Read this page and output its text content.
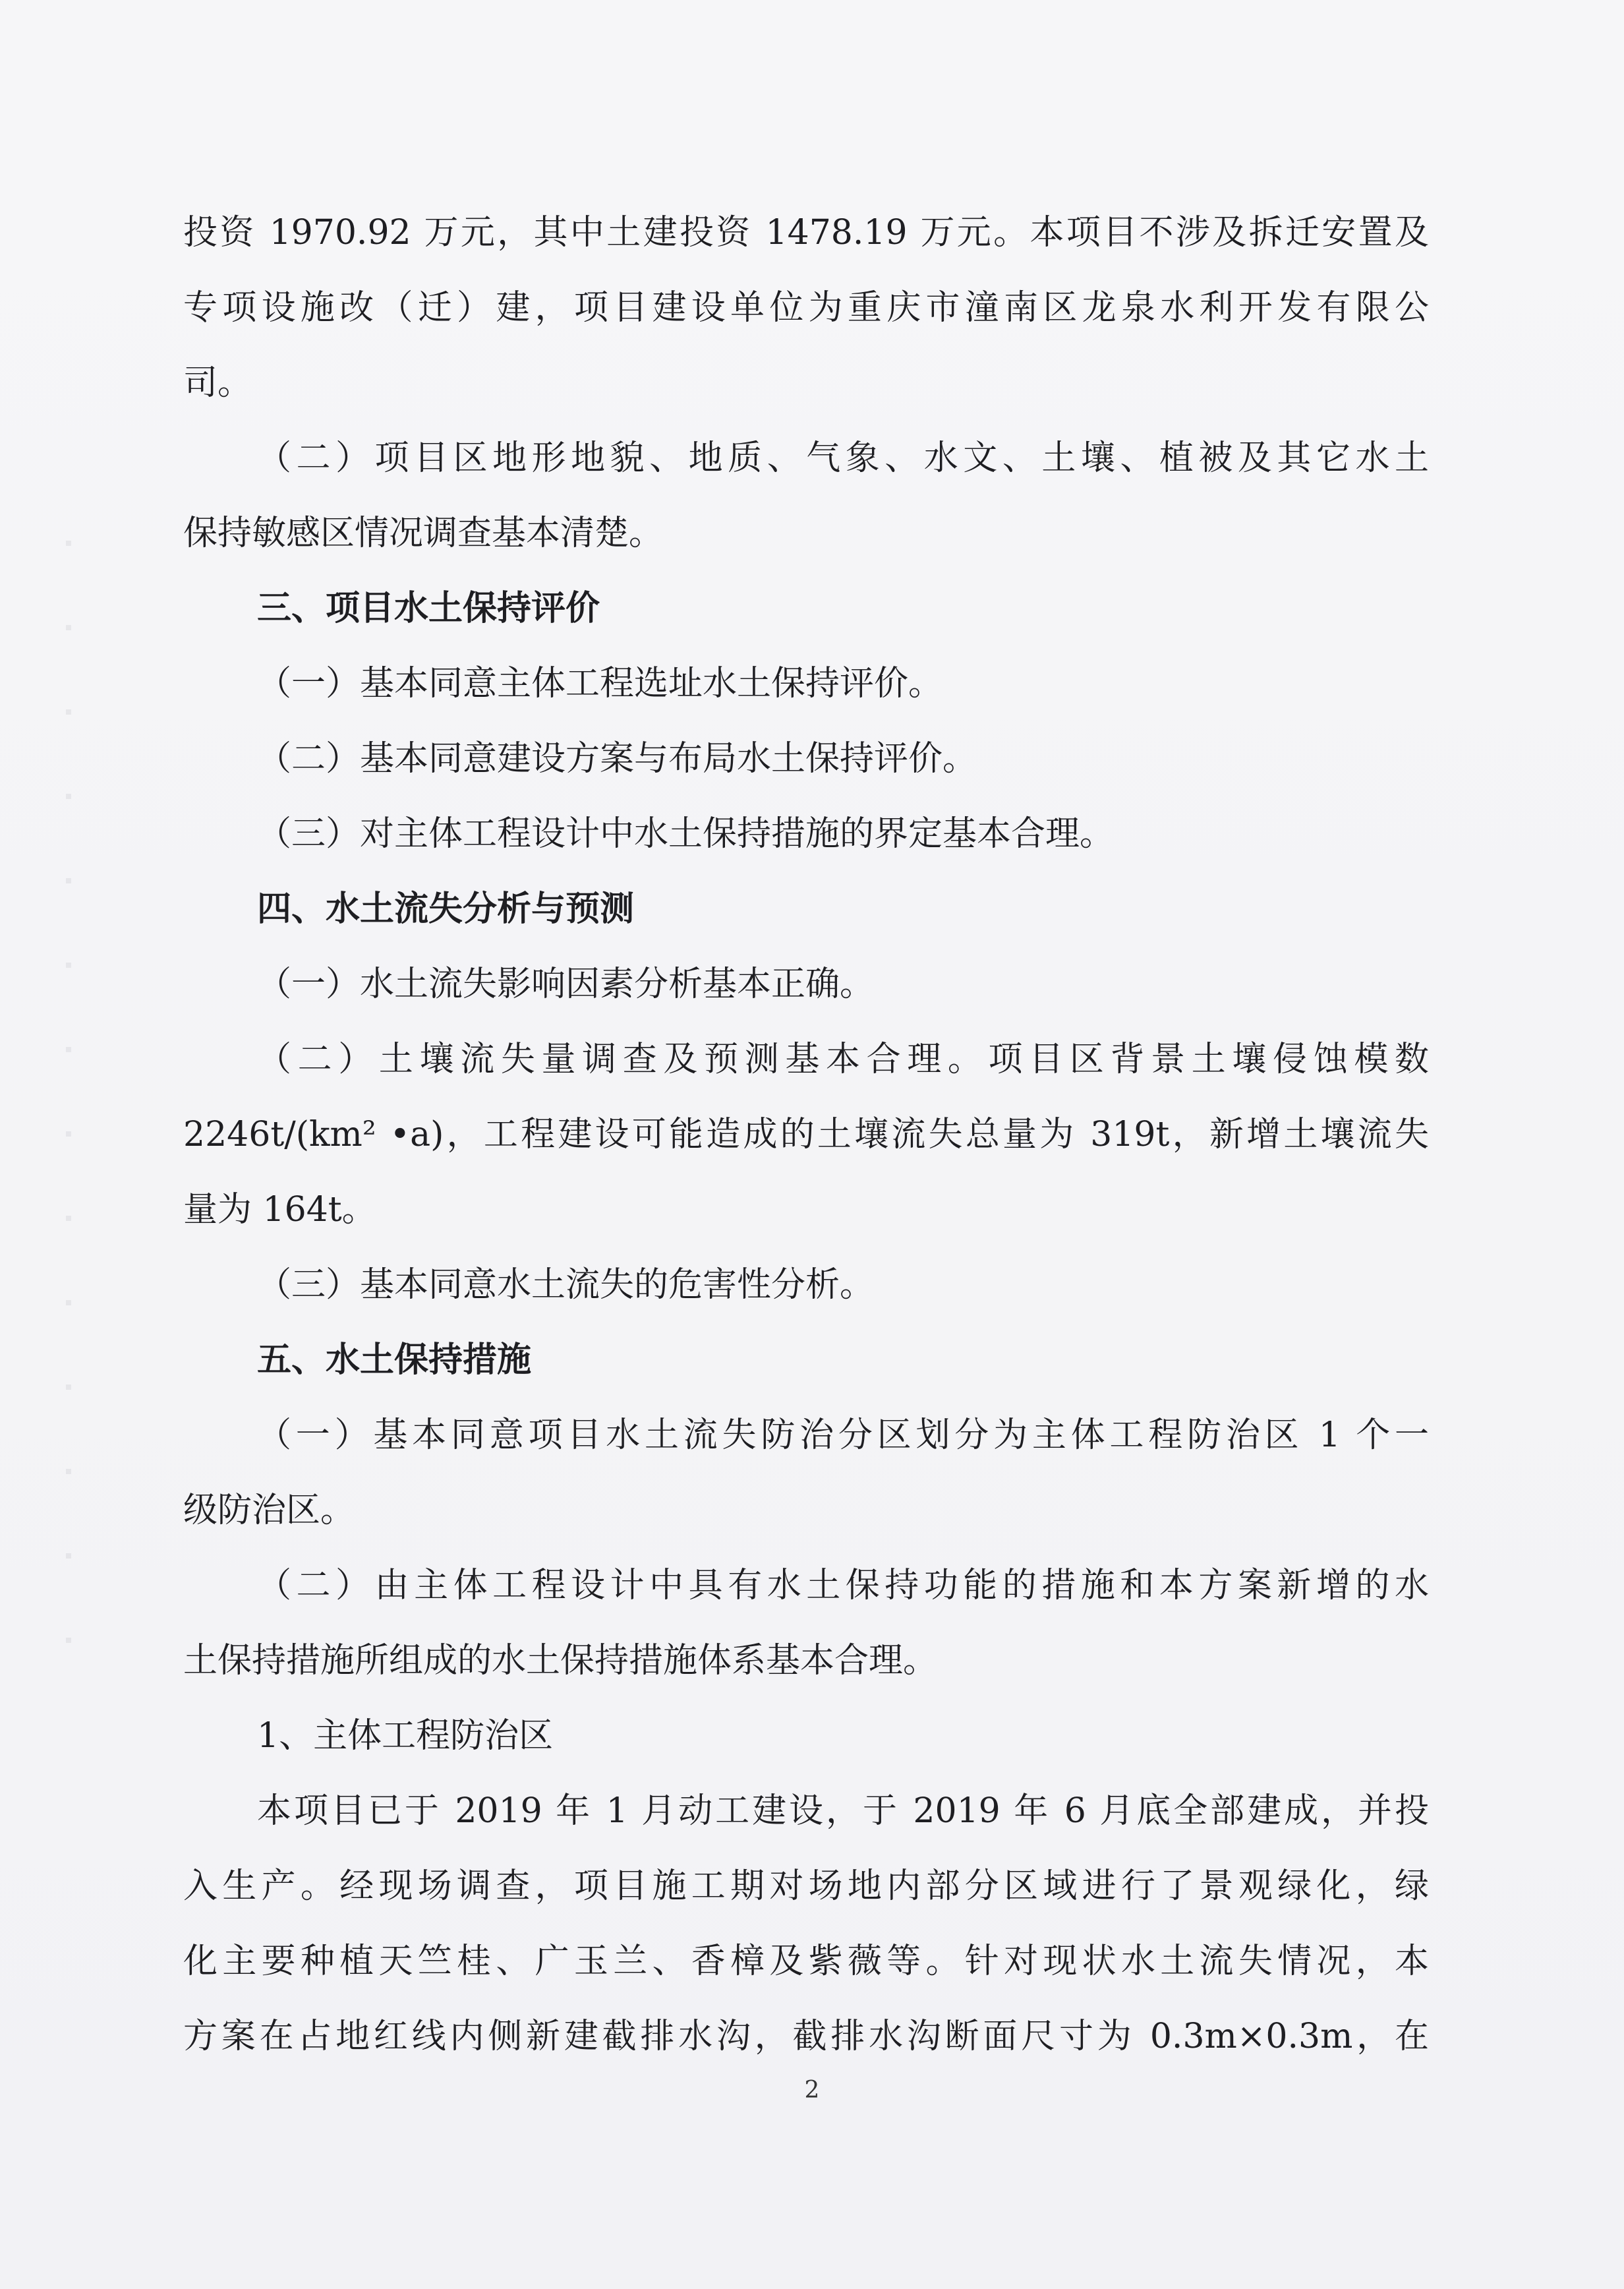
投资 1970.92 万元，其中土建投资 1478.19 万元。本项目不涉及拆迁安置及
专项设施改（迁）建，项目建设单位为重庆市潼南区龙泉水利开发有限公
司。
（二）项目区地形地貌、地质、气象、水文、土壤、植被及其它水土
保持敏感区情况调查基本清楚。
三、项目水土保持评价
（一）基本同意主体工程选址水土保持评价。
（二）基本同意建设方案与布局水土保持评价。
（三）对主体工程设计中水土保持措施的界定基本合理。
四、水土流失分析与预测
（一）水土流失影响因素分析基本正确。
（二）土壤流失量调查及预测基本合理。项目区背景土壤侵蚀模数
2246t/(km² •a)，工程建设可能造成的土壤流失总量为 319t，新增土壤流失
量为 164t。
（三）基本同意水土流失的危害性分析。
五、水土保持措施
（一）基本同意项目水土流失防治分区划分为主体工程防治区 1 个一
级防治区。
（二）由主体工程设计中具有水土保持功能的措施和本方案新增的水
土保持措施所组成的水土保持措施体系基本合理。
1、主体工程防治区
本项目已于 2019 年 1 月动工建设，于 2019 年 6 月底全部建成，并投
入生产。经现场调查，项目施工期对场地内部分区域进行了景观绿化，绿
化主要种植天竺桂、广玉兰、香樟及紫薇等。针对现状水土流失情况，本
方案在占地红线内侧新建截排水沟，截排水沟断面尺寸为 0.3m×0.3m，在
2
